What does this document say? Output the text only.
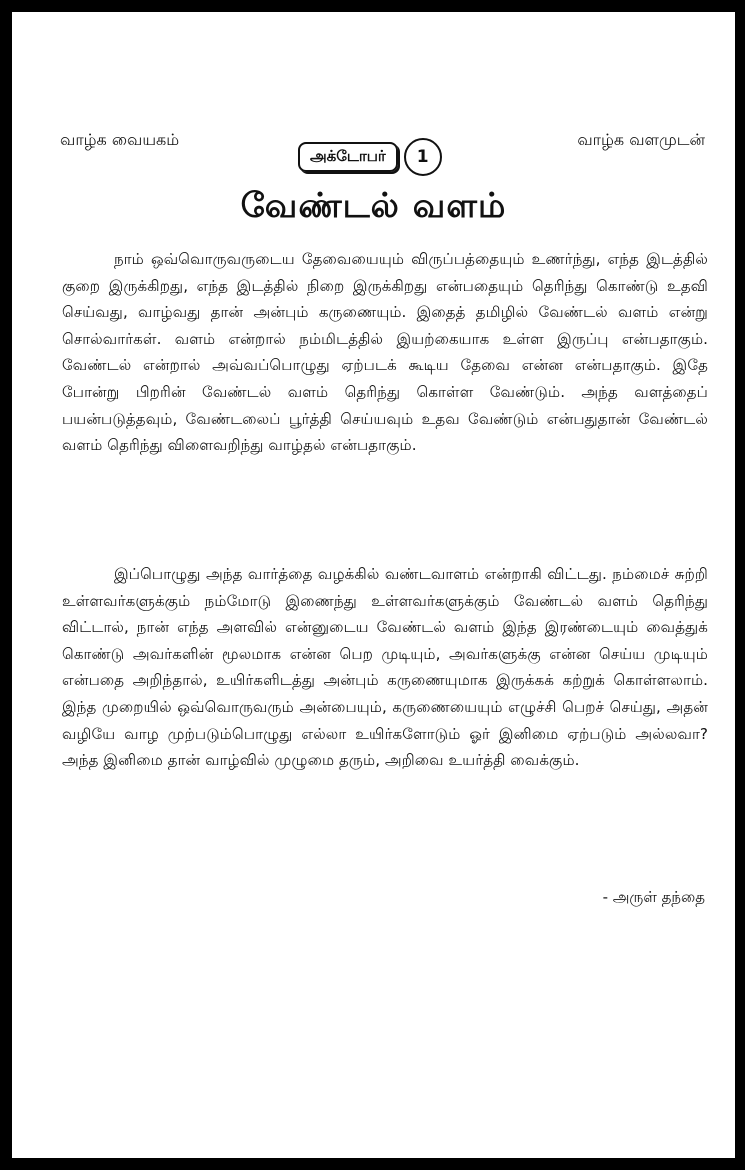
வாழ்க வையகம்
அக்டோபர்	1
வாழ்க வளமுடன்
வேண்டல் வளம்

நாம் ஒவ்வொருவருடைய தேவையையும் விருப்பத்தையும் உணர்ந்து, எந்த இடத்தில் குறை இருக்கிறது, எந்த இடத்தில் நிறை இருக்கிறது என்பதையும் தெரிந்து கொண்டு உதவி செய்வது, வாழ்வது தான் அன்பும் கருணையும். இதைத் தமிழில் வேண்டல் வளம் என்று சொல்வார்கள். வளம் என்றால் நம்மிடத்தில் இயற்கையாக உள்ள இருப்பு என்பதாகும். வேண்டல் என்றால் அவ்வப்பொழுது ஏற்படக் கூடிய தேவை என்ன என்பதாகும். இதே போன்று பிறரின் வேண்டல் வளம் தெரிந்து கொள்ள வேண்டும். அந்த வளத்தைப் பயன்படுத்தவும், வேண்டலைப் பூர்த்தி செய்யவும் உதவ வேண்டும் என்பதுதான் வேண்டல் வளம் தெரிந்து விளைவறிந்து வாழ்தல் என்பதாகும்.

இப்பொழுது அந்த வார்த்தை வழக்கில் வண்டவாளம் என்றாகி விட்டது. நம்மைச் சுற்றி உள்ளவர்களுக்கும் நம்மோடு இணைந்து உள்ளவர்களுக்கும் வேண்டல் வளம் தெரிந்து விட்டால், நான் எந்த அளவில் என்னுடைய வேண்டல் வளம் இந்த இரண்டையும் வைத்துக் கொண்டு அவர்களின் மூலமாக என்ன பெற முடியும், அவர்களுக்கு என்ன செய்ய முடியும் என்பதை அறிந்தால், உயிர்களிடத்து அன்பும் கருணையுமாக இருக்கக் கற்றுக் கொள்ளலாம். இந்த முறையில் ஒவ்வொருவரும் அன்பையும், கருணையையும் எழுச்சி பெறச் செய்து, அதன் வழியே வாழ முற்படும்பொழுது எல்லா உயிர்களோடும் ஓர் இனிமை ஏற்படும் அல்லவா? அந்த இனிமை தான் வாழ்வில் முழுமை தரும், அறிவை உயர்த்தி வைக்கும்.

- அருள் தந்தை
